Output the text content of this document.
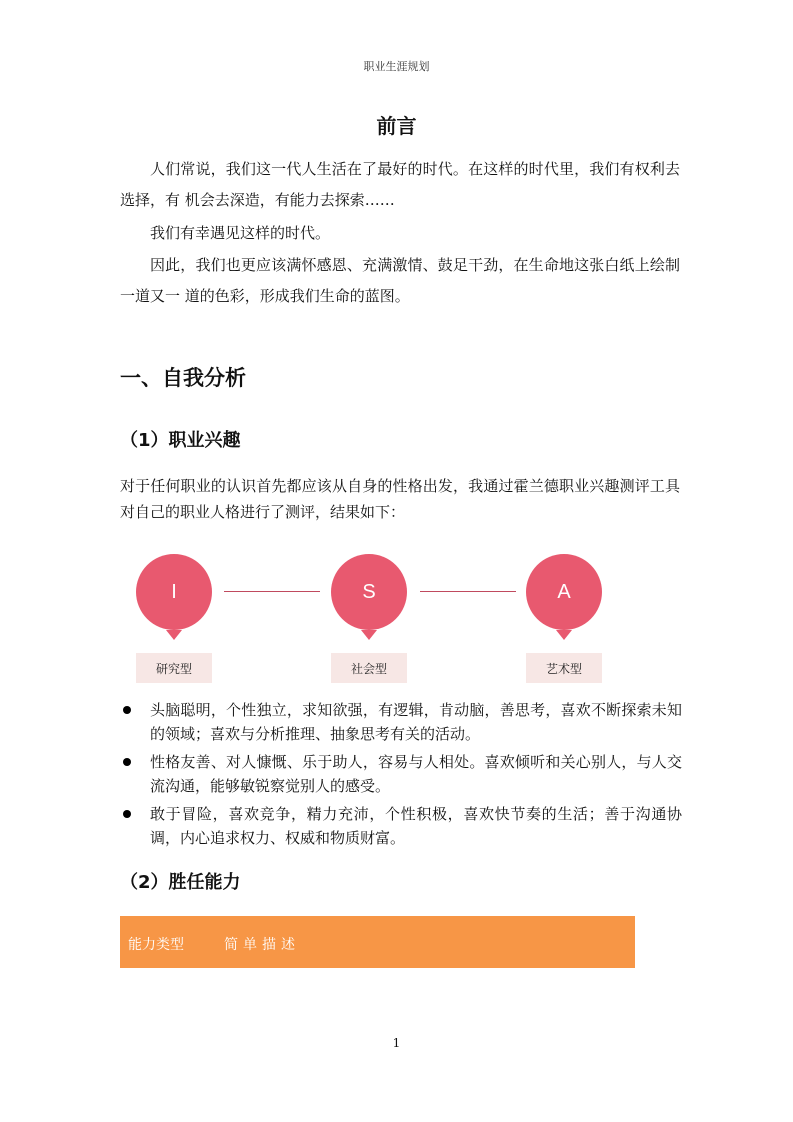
职业生涯规划
前言
人们常说，我们这一代人生活在了最好的时代。在这样的时代里，我们有权利去选择，有 机会去深造，有能力去探索……
我们有幸遇见这样的时代。
因此，我们也更应该满怀感恩、充满激情、鼓足干劲，在生命地这张白纸上绘制一道又一 道的色彩，形成我们生命的蓝图。
一、自我分析
（1）职业兴趣
对于任何职业的认识首先都应该从自身的性格出发，我通过霍兰德职业兴趣测评工具对自己的职业人格进行了测评，结果如下：
I
研究型
S
社会型
A
艺术型
头脑聪明，个性独立，求知欲强，有逻辑，肯动脑，善思考，喜欢不断探索未知的领域；喜欢与分析推理、抽象思考有关的活动。
性格友善、对人慷慨、乐于助人，容易与人相处。喜欢倾听和关心别人，与人交流沟通，能够敏锐察觉别人的感受。
敢于冒险，喜欢竞争，精力充沛，个性积极，喜欢快节奏的生活；善于沟通协调，内心追求权力、权威和物质财富。
（2）胜任能力
能力类型	简单描述
1
